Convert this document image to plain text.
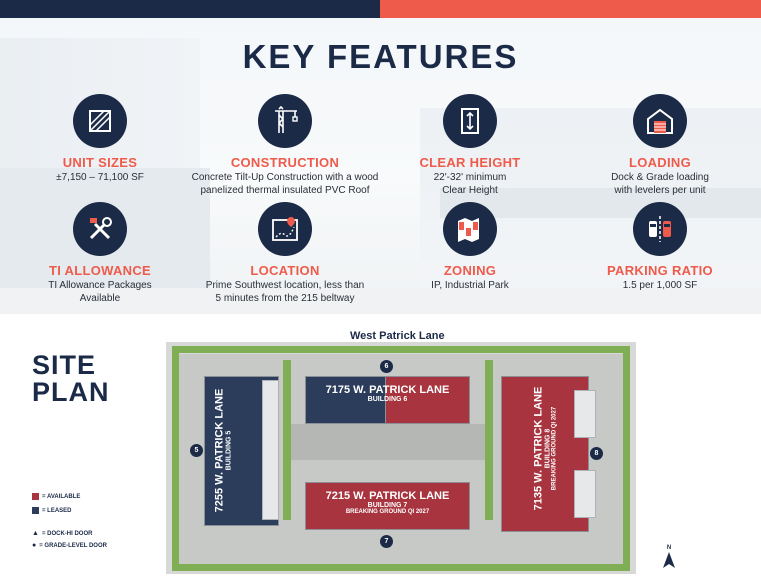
KEY FEATURES
UNIT SIZES
±7,150 – 71,100 SF
CONSTRUCTION
Concrete Tilt-Up Construction with a wood
panelized thermal insulated PVC Roof
CLEAR HEIGHT
22'-32' minimum
Clear Height
LOADING
Dock & Grade loading
with levelers per unit
TI ALLOWANCE
TI Allowance Packages
Available
LOCATION
Prime Southwest location, less than
5 minutes from the 215 beltway
ZONING
IP, Industrial Park
PARKING RATIO
1.5 per 1,000 SF
SITE
PLAN
= AVAILABLE
= LEASED
▲ = DOCK-HI DOOR
● = GRADE-LEVEL DOOR
West Patrick Lane
7255 W. PATRICK LANE BUILDING 5
7175 W. PATRICK LANE
BUILDING 6
7215 W. PATRICK LANE
BUILDING 7
BREAKING GROUND QI 2027
7135 W. PATRICK LANE BUILDING 8 BREAKING GROUND QI 2027
5
6
7
8
N
